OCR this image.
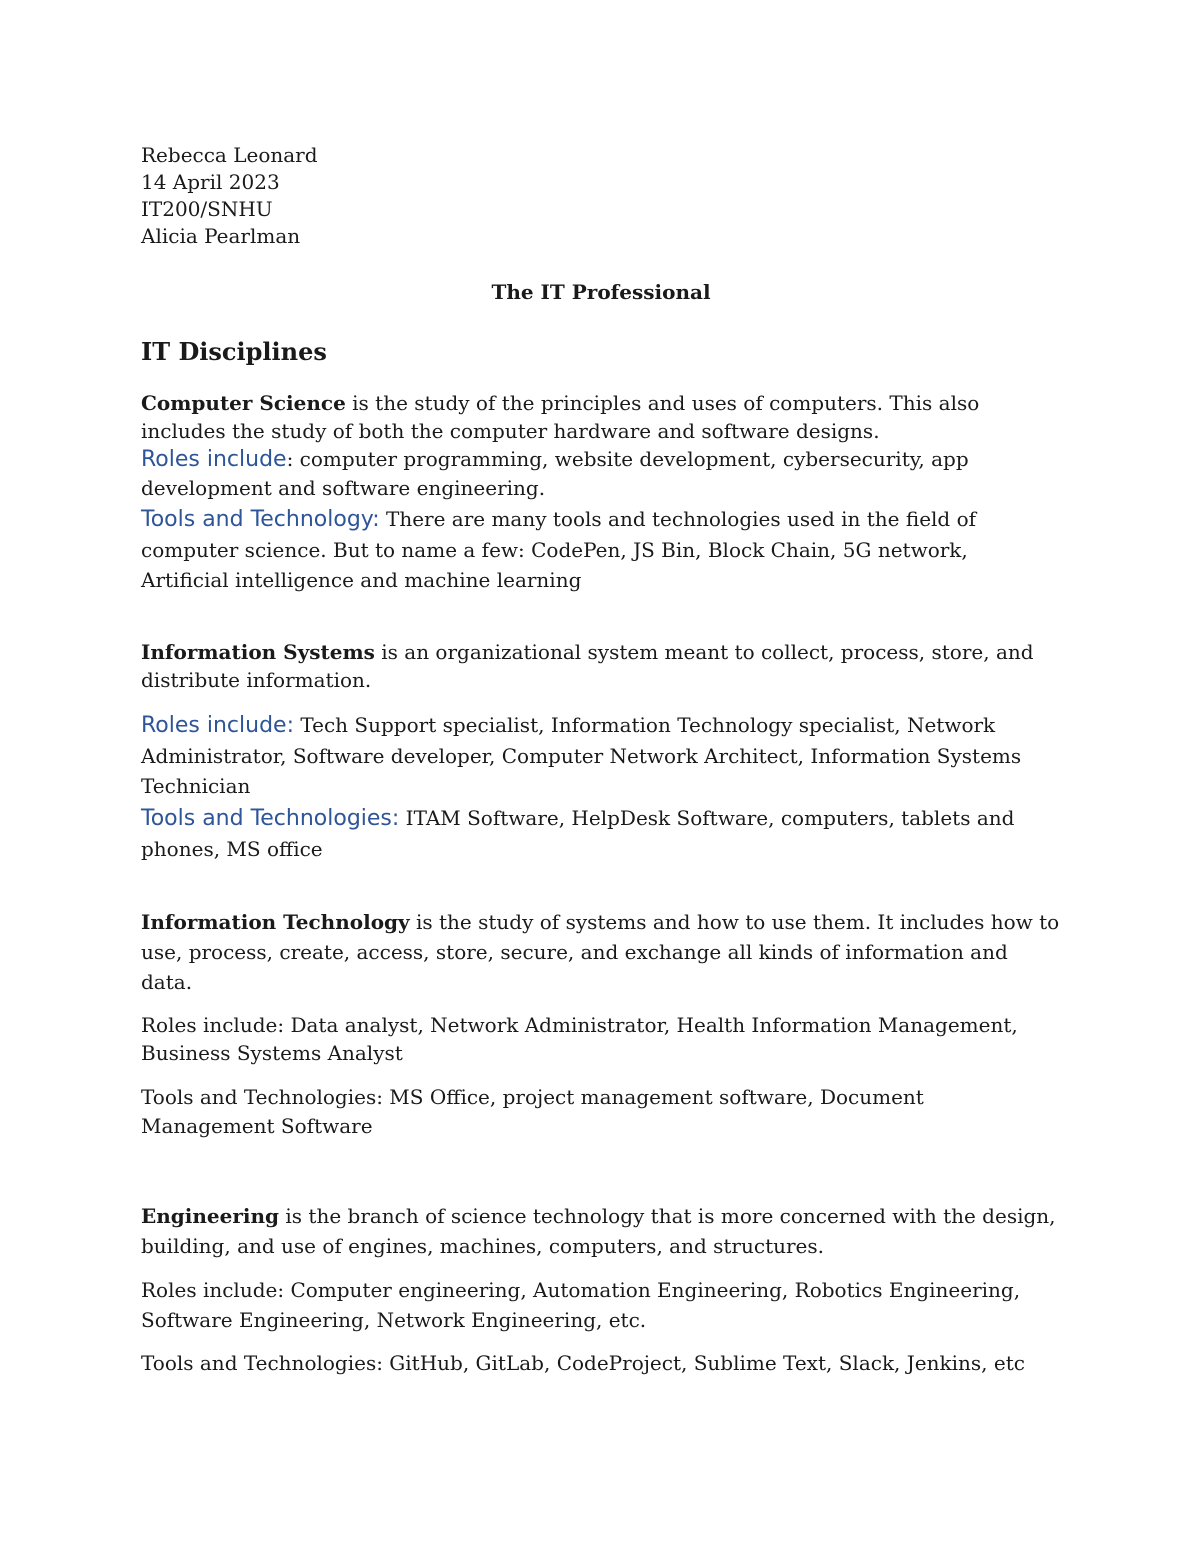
Rebecca Leonard

14 April 2023

IT200/SNHU

Alicia Pearlman

The IT Professional
IT Disciplines

Computer Science is the study of the principles and uses of computers. This also includes the study of both the computer hardware and software designs.

Roles include: computer programming, website development, cybersecurity, app development and software engineering.

Tools and Technology: There are many tools and technologies used in the field of computer science. But to name a few: CodePen, JS Bin, Block Chain, 5G network, Artificial intelligence and machine learning

Information Systems is an organizational system meant to collect, process, store, and distribute information.

Roles include: Tech Support specialist, Information Technology specialist, Network Administrator, Software developer, Computer Network Architect, Information Systems Technician

Tools and Technologies: ITAM Software, HelpDesk Software, computers, tablets and phones, MS office

Information Technology is the study of systems and how to use them. It includes how to use, process, create, access, store, secure, and exchange all kinds of information and data.

Roles include: Data analyst, Network Administrator, Health Information Management, Business Systems Analyst

Tools and Technologies: MS Office, project management software, Document Management Software

Engineering is the branch of science technology that is more concerned with the design, building, and use of engines, machines, computers, and structures.

Roles include: Computer engineering, Automation Engineering, Robotics Engineering, Software Engineering, Network Engineering, etc.

Tools and Technologies: GitHub, GitLab, CodeProject, Sublime Text, Slack, Jenkins, etc
